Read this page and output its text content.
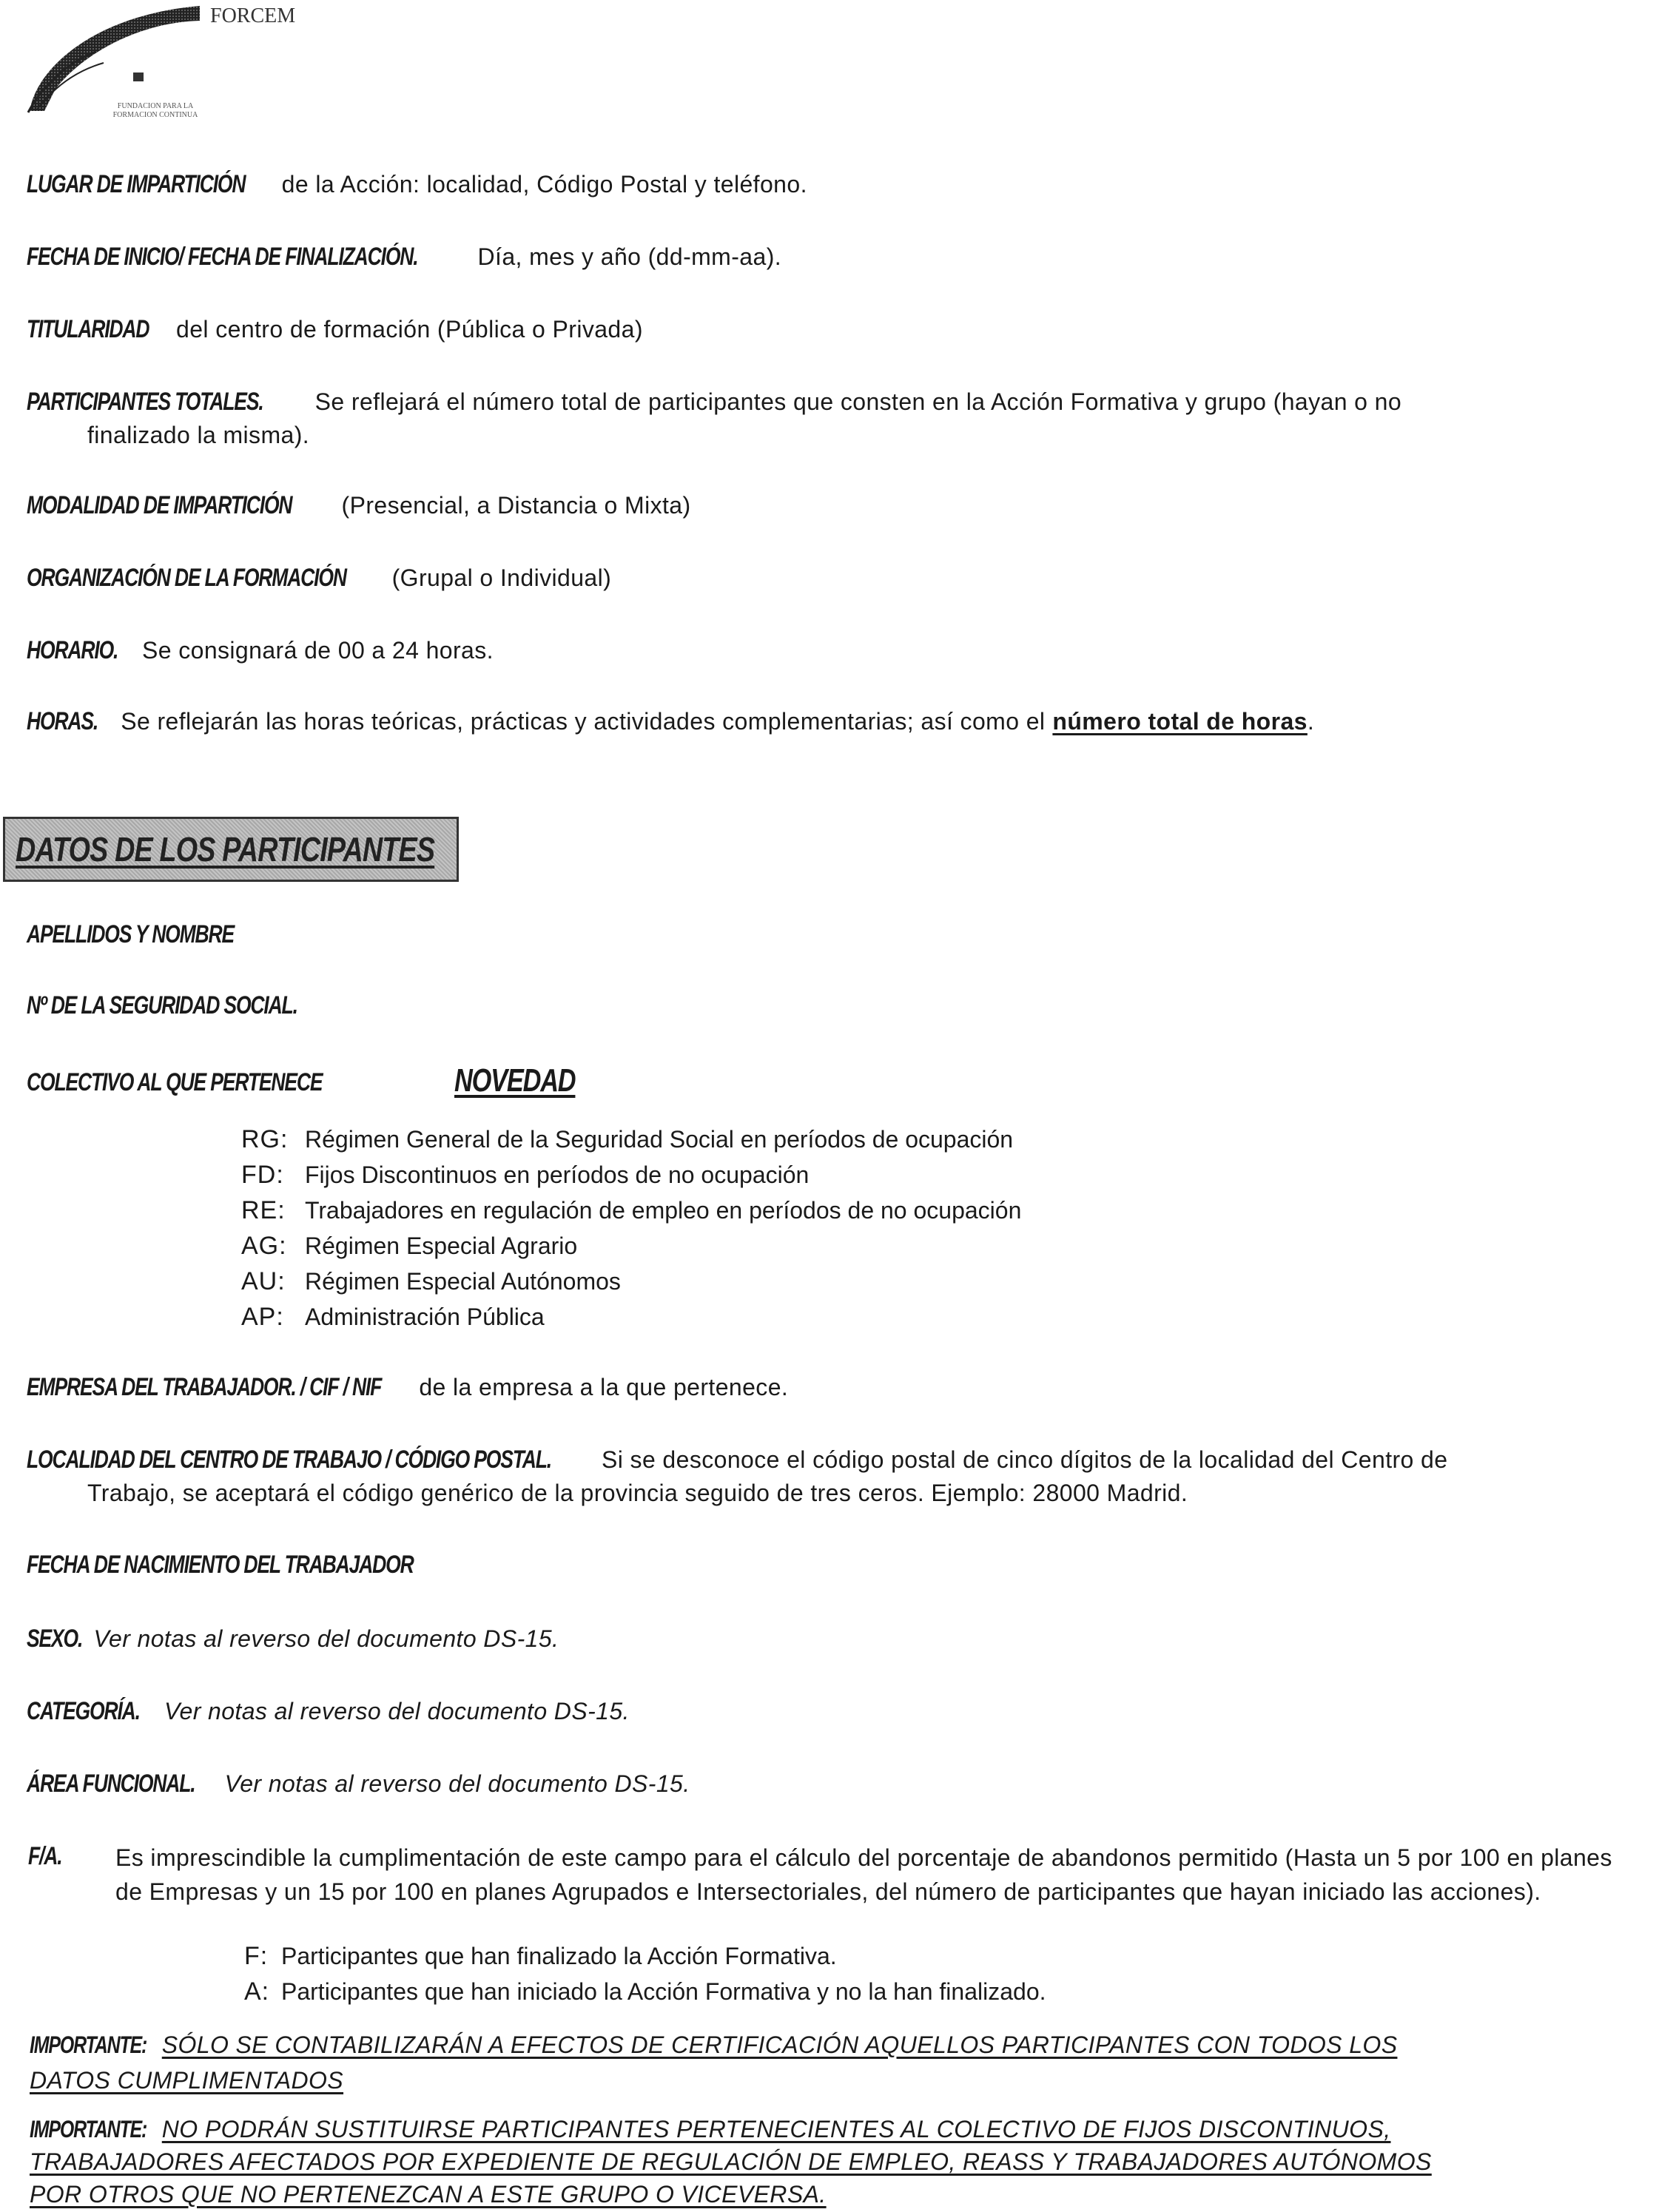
FORCEM
FUNDACION PARA LA FORMACION CONTINUA
LUGAR DE IMPARTICIÓN de la Acción: localidad, Código Postal y teléfono.
FECHA DE INICIO/ FECHA DE FINALIZACIÓN.	Día, mes y año (dd-mm-aa).
TITULARIDAD del centro de formación (Pública o Privada)
PARTICIPANTES TOTALES. Se reflejará el número total de participantes que consten en la Acción Formativa y grupo (hayan o no
finalizado la misma).
MODALIDAD DE IMPARTICIÓN (Presencial, a Distancia o Mixta)
ORGANIZACIÓN DE LA FORMACIÓN (Grupal o Individual)
HORARIO. Se consignará de 00 a 24 horas.
HORAS. Se reflejarán las horas teóricas, prácticas y actividades complementarias; así como el número total de horas .
DATOS DE LOS PARTICIPANTES
APELLIDOS Y NOMBRE
Nº DE LA SEGURIDAD SOCIAL.
COLECTIVO AL QUE PERTENECE	NOVEDAD
RG: Régimen General de la Seguridad Social en períodos de ocupación
FD: Fijos Discontinuos en períodos de no ocupación
RE: Trabajadores en regulación de empleo en períodos de no ocupación
AG: Régimen Especial Agrario
AU: Régimen Especial Autónomos
AP: Administración Pública
EMPRESA DEL TRABAJADOR. / CIF / NIF de la empresa a la que pertenece.
LOCALIDAD DEL CENTRO DE TRABAJO / CÓDIGO POSTAL. Si se desconoce el código postal de cinco dígitos de la localidad del Centro de
Trabajo, se aceptará el código genérico de la provincia seguido de tres ceros. Ejemplo: 28000 Madrid.
FECHA DE NACIMIENTO DEL TRABAJADOR
SEXO. Ver notas al reverso del documento DS-15.
CATEGORÍA. Ver notas al reverso del documento DS-15.
ÁREA FUNCIONAL. Ver notas al reverso del documento DS-15.
F/A.	Es imprescindible la cumplimentación de este campo para el cálculo del porcentaje de abandonos permitido (Hasta un 5 por 100 en planes de Empresas y un 15 por 100 en planes Agrupados e Intersectoriales, del número de participantes que hayan iniciado las acciones).
F: Participantes que han finalizado la Acción Formativa.
A: Participantes que han iniciado la Acción Formativa y no la han finalizado.
IMPORTANTE: SÓLO SE CONTABILIZARÁN A EFECTOS DE CERTIFICACIÓN AQUELLOS PARTICIPANTES CON TODOS LOS
DATOS CUMPLIMENTADOS
IMPORTANTE: NO PODRÁN SUSTITUIRSE PARTICIPANTES PERTENECIENTES AL COLECTIVO DE FIJOS DISCONTINUOS,
TRABAJADORES AFECTADOS POR EXPEDIENTE DE REGULACIÓN DE EMPLEO, REASS Y TRABAJADORES AUTÓNOMOS
POR OTROS QUE NO PERTENEZCAN A ESTE GRUPO O VICEVERSA.
